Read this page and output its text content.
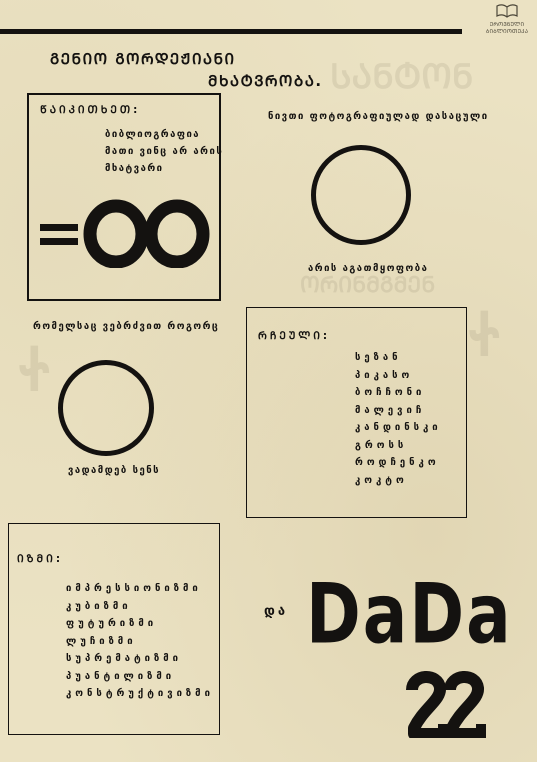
ᲡᲐᲜᲢᲝᲜ
ᲝᲠᲘᲜᲛᲒᲛᲔᲜ
Ꮠ	Ꮠ
ᲔᲠᲝᲕᲜᲣᲚᲘ
ᲑᲘᲑᲚᲘᲝᲗᲔᲙᲐ
ᲒᲔᲜᲘᲝ ᲒᲝᲠᲓᲔᲟᲘᲐᲜᲘ
ᲛᲮᲐᲢᲕᲠᲝᲑᲐ.
ᲬᲐᲘᲙᲘᲗᲮᲔᲗ:
ბიბლიოგრაფია
მათი ვინც არ არის
მხატვარი
ნივთი ფოტოგრაფიულად დასაცული
არის აგათმყოფობა
რომელსაც ვებრძვით როგორც
ვადამდებ სენს
ᲠᲩᲔᲣᲚᲘ:
სეზან
პიკასო
ბოჩჩონი
მალევიჩ
კანდინსკი
გროსს
როდჩენკო
კოკტო
ᲘᲖᲛᲘ:
იმპრესსიონიზმი
კუბიზმი
ფუტურიზმი
ლუჩიზმი
სუპრემატიზმი
პუანტილიზმი
კონსტრუქტივიზმი
და DaDa
